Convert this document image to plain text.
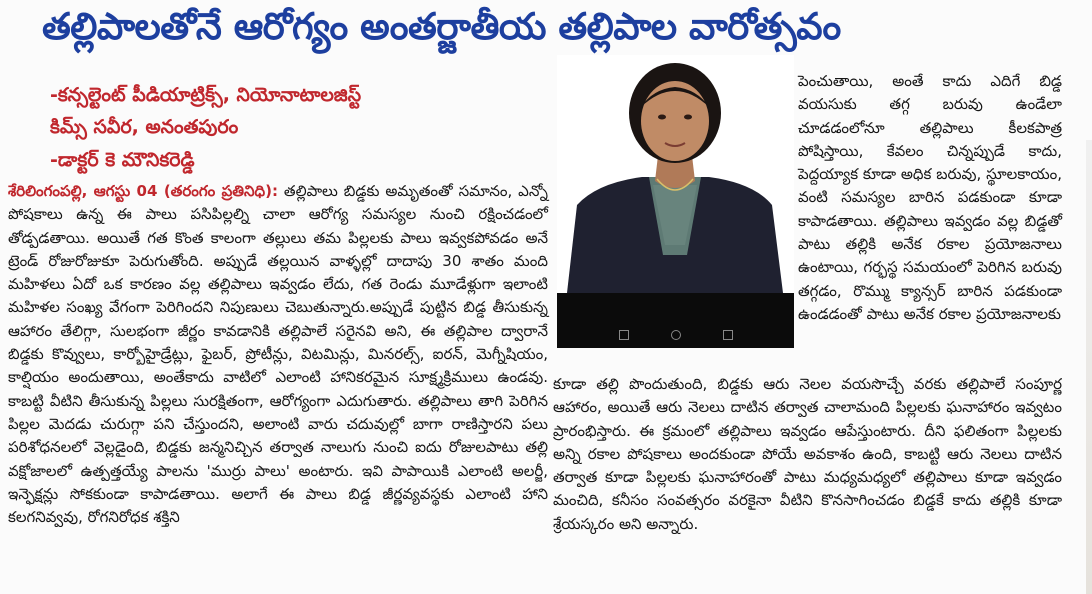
తల్లిపాలతోనే ఆరోగ్యం అంతర్జాతీయ తల్లిపాల వారోత్సవం
-కన్సల్టెంట్ పీడియాట్రిక్స్, నియోనాటాలజిస్ట్
కిమ్స్ సవీర, అనంతపురం
-డాక్టర్ కె మౌనికరెడ్డి

శేరిలింగంపల్లి, ఆగస్టు 04 (తరంగం ప్రతినిధి): తల్లిపాలు బిడ్డకు అమృతంతో సమానం, ఎన్నో పోషకాలు ఉన్న ఈ పాలు పసిపిల్లల్ని చాలా ఆరోగ్య సమస్యల నుంచి రక్షించడంలో తోడ్పడతాయి. అయితే గత కొంత కాలంగా తల్లులు తమ పిల్లలకు పాలు ఇవ్వకపోవడం అనే ట్రెండ్ రోజురోజుకూ పెరుగుతోంది. అప్పుడే తల్లయిన వాళ్ళల్లో దాదాపు 30 శాతం మంది మహిళలు ఏదో ఒక కారణం వల్ల తల్లిపాలు ఇవ్వడం లేదు, గత రెండు మూడేళ్లుగా ఇలాంటి మహిళల సంఖ్య వేగంగా పెరిగిందని నిపుణులు చెబుతున్నారు.అప్పుడే పుట్టిన బిడ్డ తీసుకున్న ఆహారం తేలిగ్గా, సులభంగా జీర్ణం కావడానికి తల్లిపాలే సరైనవి అని, ఈ తల్లిపాల ద్వారానే బిడ్డకు కొవ్వులు, కార్బోహైడ్రేట్లు, ఫైబర్, ప్రోటీన్లు, విటమిన్లు, మినరల్స్, ఐరన్, మెగ్నీషియం, కాల్షియం అందుతాయి, అంతేకాదు వాటిలో ఎలాంటి హానికరమైన సూక్ష్మక్రిములు ఉండవు. కాబట్టి వీటిని తీసుకున్న పిల్లలు సురక్షితంగా, ఆరోగ్యంగా ఎదుగుతారు. తల్లిపాలు తాగి పెరిగిన పిల్లల మెదడు చురుగ్గా పని చేస్తుందని, అలాంటి వారు చదువుల్లో బాగా రాణిస్తారని పలు పరిశోధనలలో వెల్లడైంది, బిడ్డకు జన్మనిచ్చిన తర్వాత నాలుగు నుంచి ఐదు రోజులపాటు తల్లి వక్షోజాలలో ఉత్పత్తయ్యే పాలను 'ముర్రు పాలు' అంటారు. ఇవి పాపాయికి ఎలాంటి అలర్జీ, ఇన్ఫెక్షన్లు సోకకుండా కాపాడతాయి. అలాగే ఈ పాలు బిడ్డ జీర్ణవ్యవస్థకు ఎలాంటి హాని కలగనివ్వవు, రోగనిరోధక శక్తిని

పెంచుతాయి, అంతే కాదు ఎదిగే బిడ్డ వయసుకు తగ్గ బరువు ఉండేలా చూడడంలోనూ తల్లిపాలు కీలకపాత్ర పోషిస్తాయి, కేవలం చిన్నప్పుడే కాదు, పెద్దయ్యాక కూడా అధిక బరువు, స్థూలకాయం, వంటి సమస్యల బారిన పడకుండా కూడా కాపాడతాయి. తల్లిపాలు ఇవ్వడం వల్ల బిడ్డతో పాటు తల్లికి అనేక రకాల ప్రయోజనాలు ఉంటాయి, గర్భస్థ సమయంలో పెరిగిన బరువు తగ్గడం, రొమ్ము క్యాన్సర్ బారిన పడకుండా ఉండడంతో పాటు అనేక రకాల ప్రయోజనాలకు

కూడా తల్లి పొందుతుంది, బిడ్డకు ఆరు నెలల వయసొచ్చే వరకు తల్లిపాలే సంపూర్ణ ఆహారం, అయితే ఆరు నెలలు దాటిన తర్వాత చాలామంది పిల్లలకు ఘనాహారం ఇవ్వటం ప్రారంభిస్తారు. ఈ క్రమంలో తల్లిపాలు ఇవ్వడం ఆపేస్తుంటారు. దీని ఫలితంగా పిల్లలకు అన్ని రకాల పోషకాలు అందకుండా పోయే అవకాశం ఉంది, కాబట్టి ఆరు నెలలు దాటిన తర్వాత కూడా పిల్లలకు ఘనాహారంతో పాటు మధ్యమధ్యలో తల్లిపాలు కూడా ఇవ్వడం మంచిది, కనీసం సంవత్సరం వరకైనా వీటిని కొనసాగించడం బిడ్డకే కాదు తల్లికి కూడా శ్రేయస్కరం అని అన్నారు.
